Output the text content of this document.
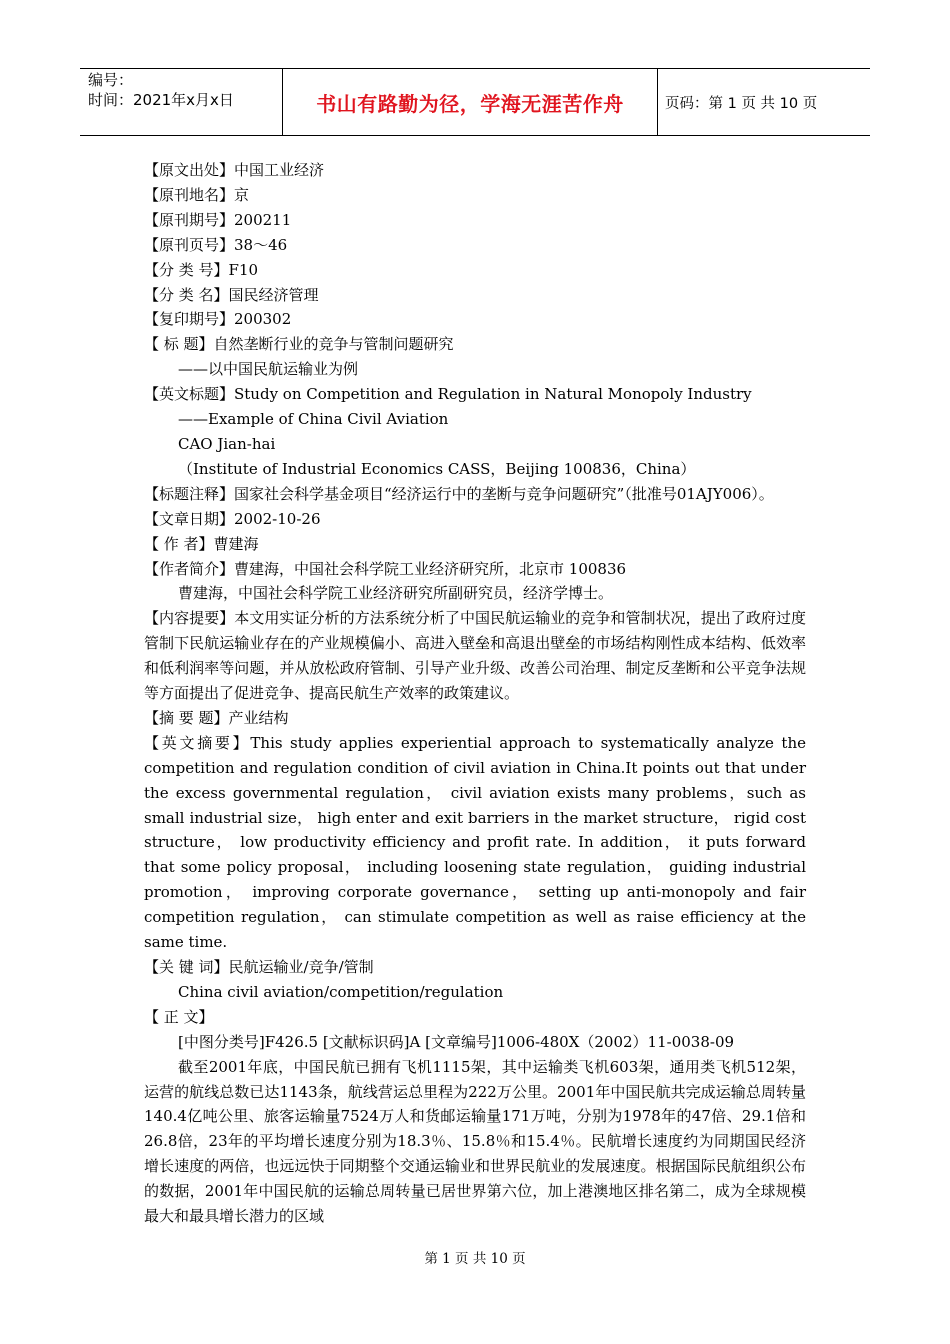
编号：
时间：2021年x月x日	书山有路勤为径，学海无涯苦作舟	页码：第 1 页 共 10 页

【原文出处】中国工业经济

【原刊地名】京

【原刊期号】200211

【原刊页号】38～46

【分 类 号】F10

【分 类 名】国民经济管理

【复印期号】200302

【 标 题】自然垄断行业的竞争与管制问题研究

——以中国民航运输业为例

【英文标题】Study on Competition and Regulation in Natural Monopoly Industry

——Example of China Civil Aviation

CAO Jian-hai

（Institute of Industrial Economics CASS，Beijing 100836，China）

【标题注释】国家社会科学基金项目“经济运行中的垄断与竞争问题研究”（批准号01AJY006）。

【文章日期】2002-10-26

【 作 者】曹建海

【作者简介】曹建海，中国社会科学院工业经济研究所，北京市 100836

曹建海，中国社会科学院工业经济研究所副研究员，经济学博士。

【内容提要】本文用实证分析的方法系统分析了中国民航运输业的竞争和管制状况，提出了政府过度管制下民航运输业存在的产业规模偏小、高进入壁垒和高退出壁垒的市场结构刚性成本结构、低效率和低利润率等问题，并从放松政府管制、引导产业升级、改善公司治理、制定反垄断和公平竞争法规等方面提出了促进竞争、提高民航生产效率的政策建议。

【摘 要 题】产业结构

【英文摘要】This study applies experiential approach to systematically analyze the competition and regulation condition of civil aviation in China.It points out that under the excess governmental regulation， civil aviation exists many problems，such as small industrial size， high enter and exit barriers in the market structure， rigid cost structure， low productivity efficiency and profit rate. In addition， it puts forward that some policy proposal， including loosening state regulation， guiding industrial promotion， improving corporate governance， setting up anti-monopoly and fair competition regulation， can stimulate competition as well as raise efficiency at the same time.

【关 键 词】民航运输业/竞争/管制

China civil aviation/competition/regulation

【 正 文】

[中图分类号]F426.5 [文献标识码]A [文章编号]1006-480X（2002）11-0038-09

截至2001年底，中国民航已拥有飞机1115架，其中运输类飞机603架，通用类飞机512架，运营的航线总数已达1143条，航线营运总里程为222万公里。2001年中国民航共完成运输总周转量140.4亿吨公里、旅客运输量7524万人和货邮运输量171万吨，分别为1978年的47倍、29.1倍和26.8倍，23年的平均增长速度分别为18.3％、15.8％和15.4％。民航增长速度约为同期国民经济增长速度的两倍，也远远快于同期整个交通运输业和世界民航业的发展速度。根据国际民航组织公布的数据，2001年中国民航的运输总周转量已居世界第六位，加上港澳地区排名第二，成为全球规模最大和最具增长潜力的区域

第 1 页 共 10 页
